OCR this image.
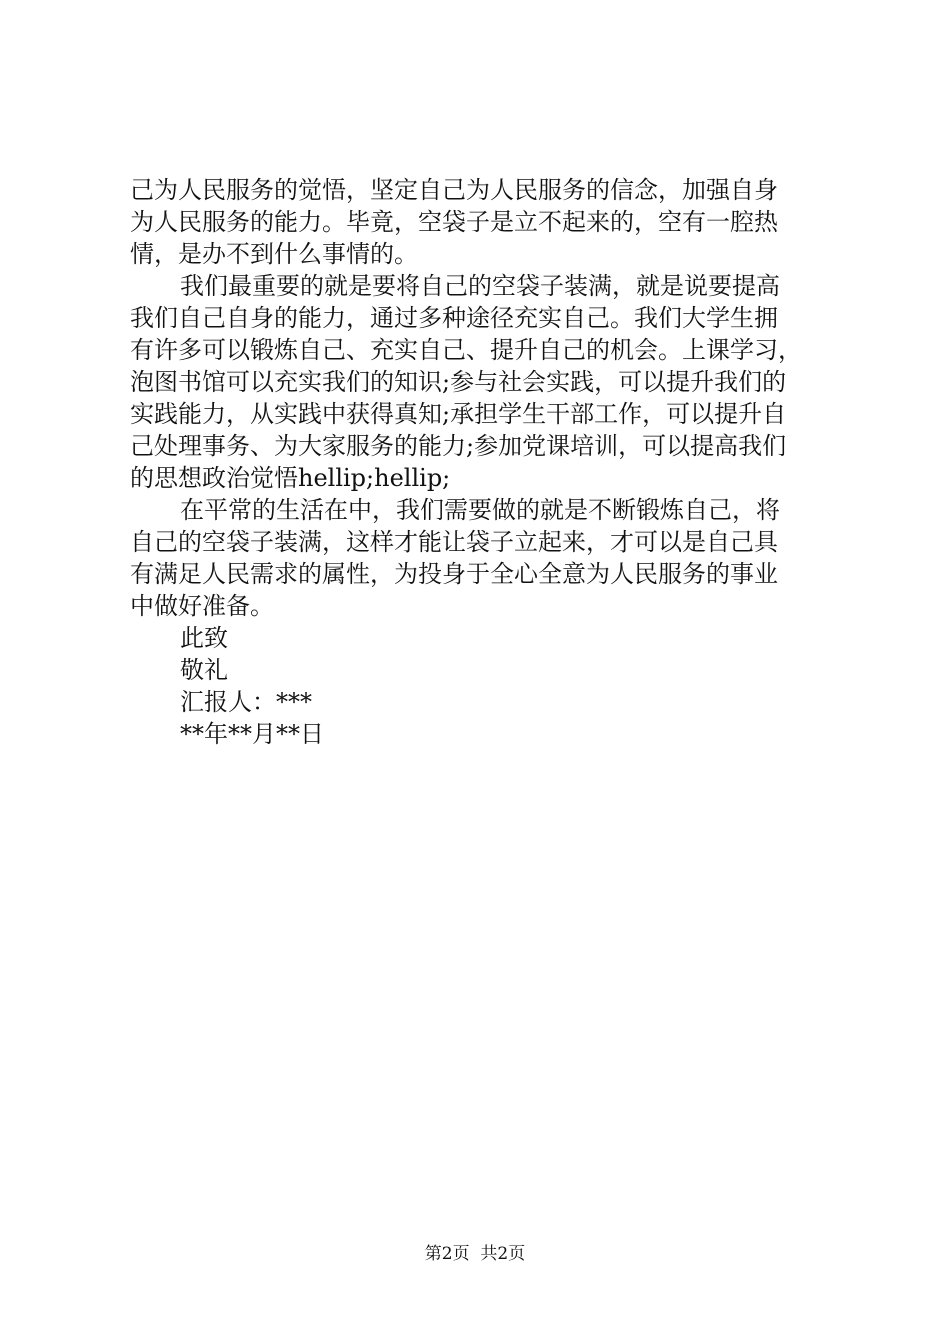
己为人民服务的觉悟，坚定自己为人民服务的信念，加强自身
为人民服务的能力。毕竟，空袋子是立不起来的，空有一腔热
情，是办不到什么事情的。
我们最重要的就是要将自己的空袋子装满，就是说要提高
我们自己自身的能力，通过多种途径充实自己。我们大学生拥
有许多可以锻炼自己、充实自己、提升自己的机会。上课学习，
泡图书馆可以充实我们的知识;参与社会实践，可以提升我们的
实践能力，从实践中获得真知;承担学生干部工作，可以提升自
己处理事务、为大家服务的能力;参加党课培训，可以提高我们
的思想政治觉悟hellip;hellip;
在平常的生活在中，我们需要做的就是不断锻炼自己，将
自己的空袋子装满，这样才能让袋子立起来，才可以是自己具
有满足人民需求的属性，为投身于全心全意为人民服务的事业
中做好准备。
此致
敬礼
汇报人：***
**年**月**日
第2页  共2页
